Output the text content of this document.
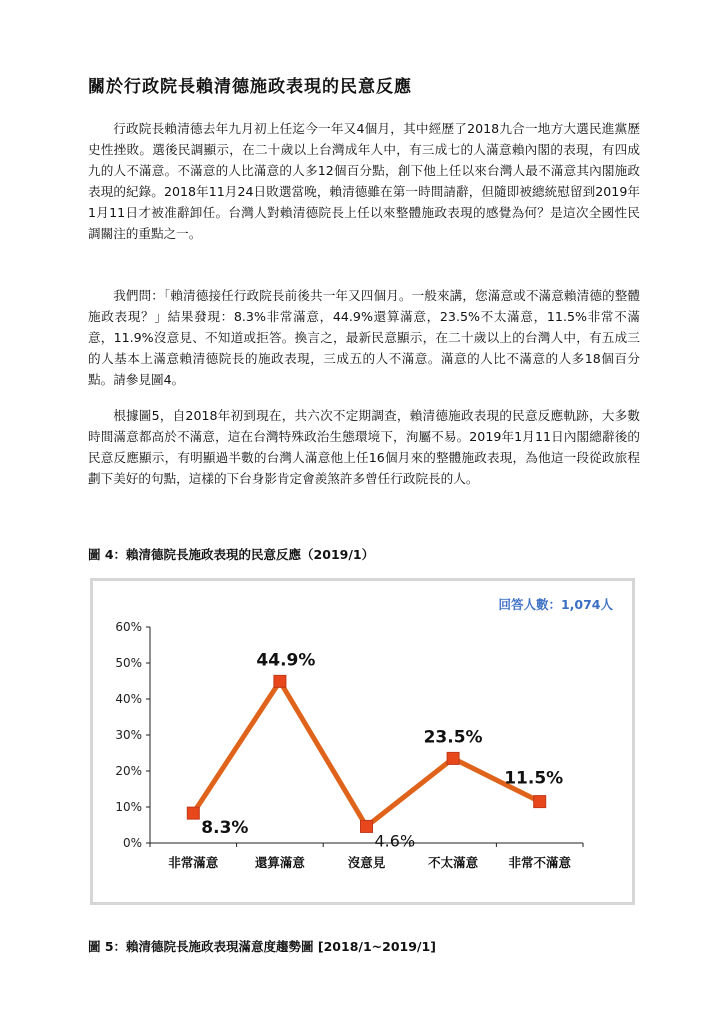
關於行政院長賴清德施政表現的民意反應

行政院長賴清德去年九月初上任迄今一年又4個月，其中經歷了2018九合一地方大選民進黨歷史性挫敗。選後民調顯示，在二十歲以上台灣成年人中，有三成七的人滿意賴內閣的表現，有四成九的人不滿意。不滿意的人比滿意的人多12個百分點，創下他上任以來台灣人最不滿意其內閣施政表現的紀錄。2018年11月24日敗選當晚，賴清德雖在第一時間請辭，但隨即被總統慰留到2019年1月11日才被准辭卸任。台灣人對賴清德院長上任以來整體施政表現的感覺為何？是這次全國性民調關注的重點之一。

我們問：「賴清德接任行政院長前後共一年又四個月。一般來講，您滿意或不滿意賴清德的整體施政表現？」結果發現：8.3%非常滿意，44.9%還算滿意，23.5%不太滿意，11.5%非常不滿意，11.9%沒意見、不知道或拒答。換言之，最新民意顯示，在二十歲以上的台灣人中，有五成三的人基本上滿意賴清德院長的施政表現，三成五的人不滿意。滿意的人比不滿意的人多18個百分點。請參見圖4。

根據圖5，自2018年初到現在，共六次不定期調查，賴清德施政表現的民意反應軌跡，大多數時間滿意都高於不滿意，這在台灣特殊政治生態環境下，洵屬不易。2019年1月11日內閣總辭後的民意反應顯示，有明顯過半數的台灣人滿意他上任16個月來的整體施政表現，為他這一段從政旅程劃下美好的句點，這樣的下台身影肯定會羨煞許多曾任行政院長的人。

圖 4：賴清德院長施政表現的民意反應（2019/1）
0%
10%
20%
30%
40%
50%
60%
非常滿意	還算滿意	沒意見	不太滿意 非常不滿意
8.3%
44.9%
4.6%
23.5%
11.5%
回答人數：1,074人
圖 5：賴清德院長施政表現滿意度趨勢圖 [2018/1~2019/1]
